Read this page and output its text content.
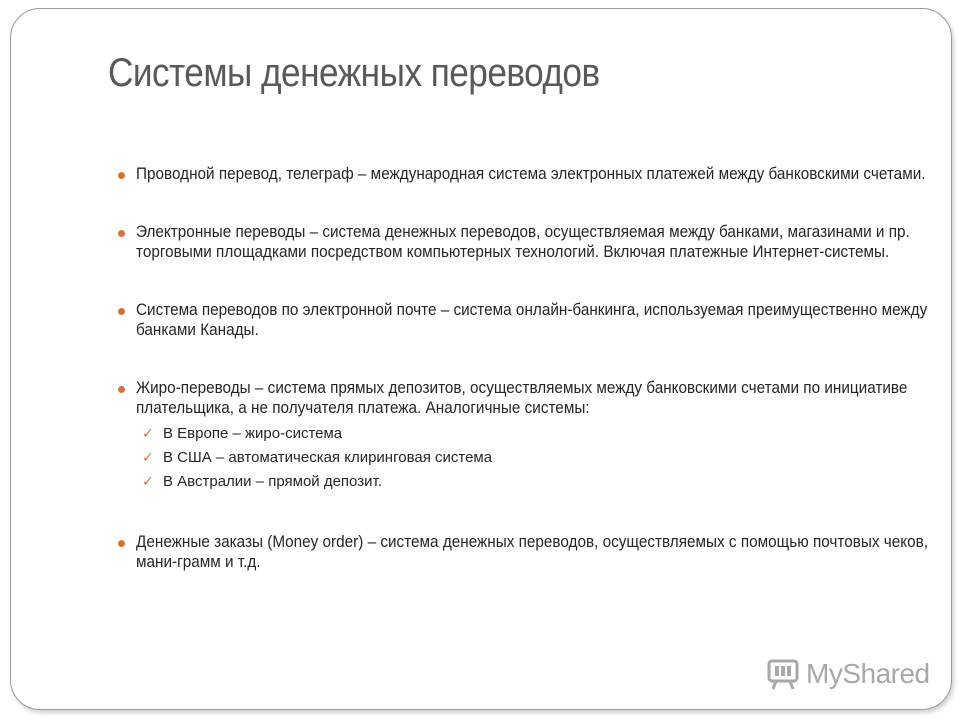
Системы денежных переводов
Проводной перевод, телеграф – международная система электронных платежей между банковскими счетами.
Электронные переводы – система денежных переводов, осуществляемая между банками, магазинами и пр. торговыми площадками посредством компьютерных технологий. Включая платежные Интернет-системы.
Система переводов по электронной почте – система онлайн-банкинга, используемая преимущественно между банками Канады.
Жиро-переводы – система прямых депозитов, осуществляемых между банковскими счетами по инициативе плательщика, а не получателя платежа. Аналогичные системы:
✓ В Европе – жиро-система
✓ В США – автоматическая клиринговая система
✓ В Австралии – прямой депозит.
Денежные заказы (Money order) – система денежных переводов, осуществляемых с помощью почтовых чеков, мани-грамм и т.д.
MyShared
